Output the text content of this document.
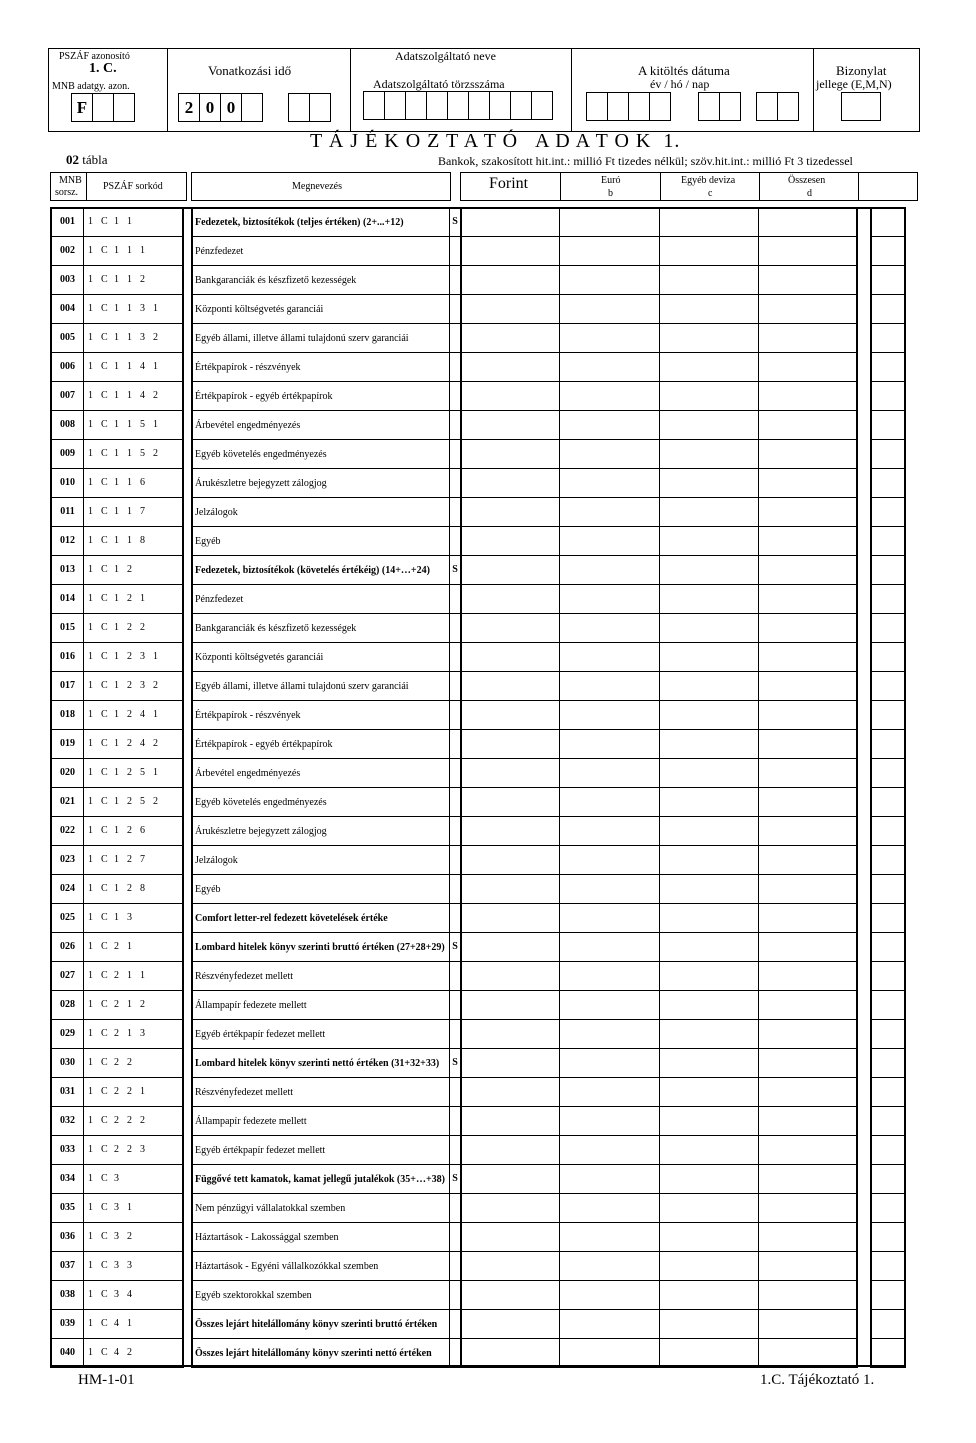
PSZÁF azonosító
1. C.
MNB adatgy. azon.
F
Vonatkozási idő
2 0 0
Adatszolgáltató neve
Adatszolgáltató törzsszáma
A kitöltés dátuma
év / hó / nap
Bizonylat
jellege (E,M,N)
T Á J É K O Z T A T Ó   A D A T O K  1.
02 tábla	Bankok, szakosított hit.int.: millió Ft tizedes nélkül; szöv.hit.int.: millió Ft 3 tizedessel
MNB
sorsz.
PSZÁF sorkód	Megnevezés	Forint	Euró
b
Egyéb deviza
c
Összesen
d
001	1 C 1 1	Fedezetek, biztosítékok (teljes értéken) (2+...+12)	S
002	1 C 1 1 1	Pénzfedezet
003	1 C 1 1 2	Bankgaranciák és készfizető kezességek
004	1 C 1 1 3 1	Központi költségvetés garanciái
005	1 C 1 1 3 2	Egyéb állami, illetve állami tulajdonú szerv garanciái
006	1 C 1 1 4 1	Értékpapírok - részvények
007	1 C 1 1 4 2	Értékpapírok - egyéb értékpapírok
008	1 C 1 1 5 1	Árbevétel engedményezés
009	1 C 1 1 5 2	Egyéb követelés engedményezés
010	1 C 1 1 6	Árukészletre bejegyzett zálogjog
011	1 C 1 1 7	Jelzálogok
012	1 C 1 1 8	Egyéb
013	1 C 1 2	Fedezetek, biztosítékok (követelés értékéig) (14+…+24)	S
014	1 C 1 2 1	Pénzfedezet
015	1 C 1 2 2	Bankgaranciák és készfizető kezességek
016	1 C 1 2 3 1	Központi költségvetés garanciái
017	1 C 1 2 3 2	Egyéb állami, illetve állami tulajdonú szerv garanciái
018	1 C 1 2 4 1	Értékpapírok - részvények
019	1 C 1 2 4 2	Értékpapírok - egyéb értékpapírok
020	1 C 1 2 5 1	Árbevétel engedményezés
021	1 C 1 2 5 2	Egyéb követelés engedményezés
022	1 C 1 2 6	Árukészletre bejegyzett zálogjog
023	1 C 1 2 7	Jelzálogok
024	1 C 1 2 8	Egyéb
025	1 C 1 3	Comfort letter-rel fedezett követelések értéke
026	1 C 2 1	Lombard hitelek könyv szerinti bruttó értéken (27+28+29) S
027	1 C 2 1 1	Részvényfedezet mellett
028	1 C 2 1 2	Állampapír fedezete mellett
029	1 C 2 1 3	Egyéb értékpapír fedezet mellett
030	1 C 2 2	Lombard hitelek könyv szerinti nettó értéken (31+32+33)	S
031	1 C 2 2 1	Részvényfedezet mellett
032	1 C 2 2 2	Állampapír fedezete mellett
033	1 C 2 2 3	Egyéb értékpapír fedezet mellett
034	1 C 3	Függővé tett kamatok, kamat jellegű jutalékok (35+…+38) S
035	1 C 3 1	Nem pénzügyi vállalatokkal szemben
036	1 C 3 2	Háztartások - Lakossággal szemben
037	1 C 3 3	Háztartások - Egyéni vállalkozókkal szemben
038	1 C 3 4	Egyéb szektorokkal szemben
039	1 C 4 1	Összes lejárt hitelállomány könyv szerinti bruttó értéken
040	1 C 4 2	Összes lejárt hitelállomány könyv szerinti nettó értéken
HM-1-01	1.C. Tájékoztató 1.
